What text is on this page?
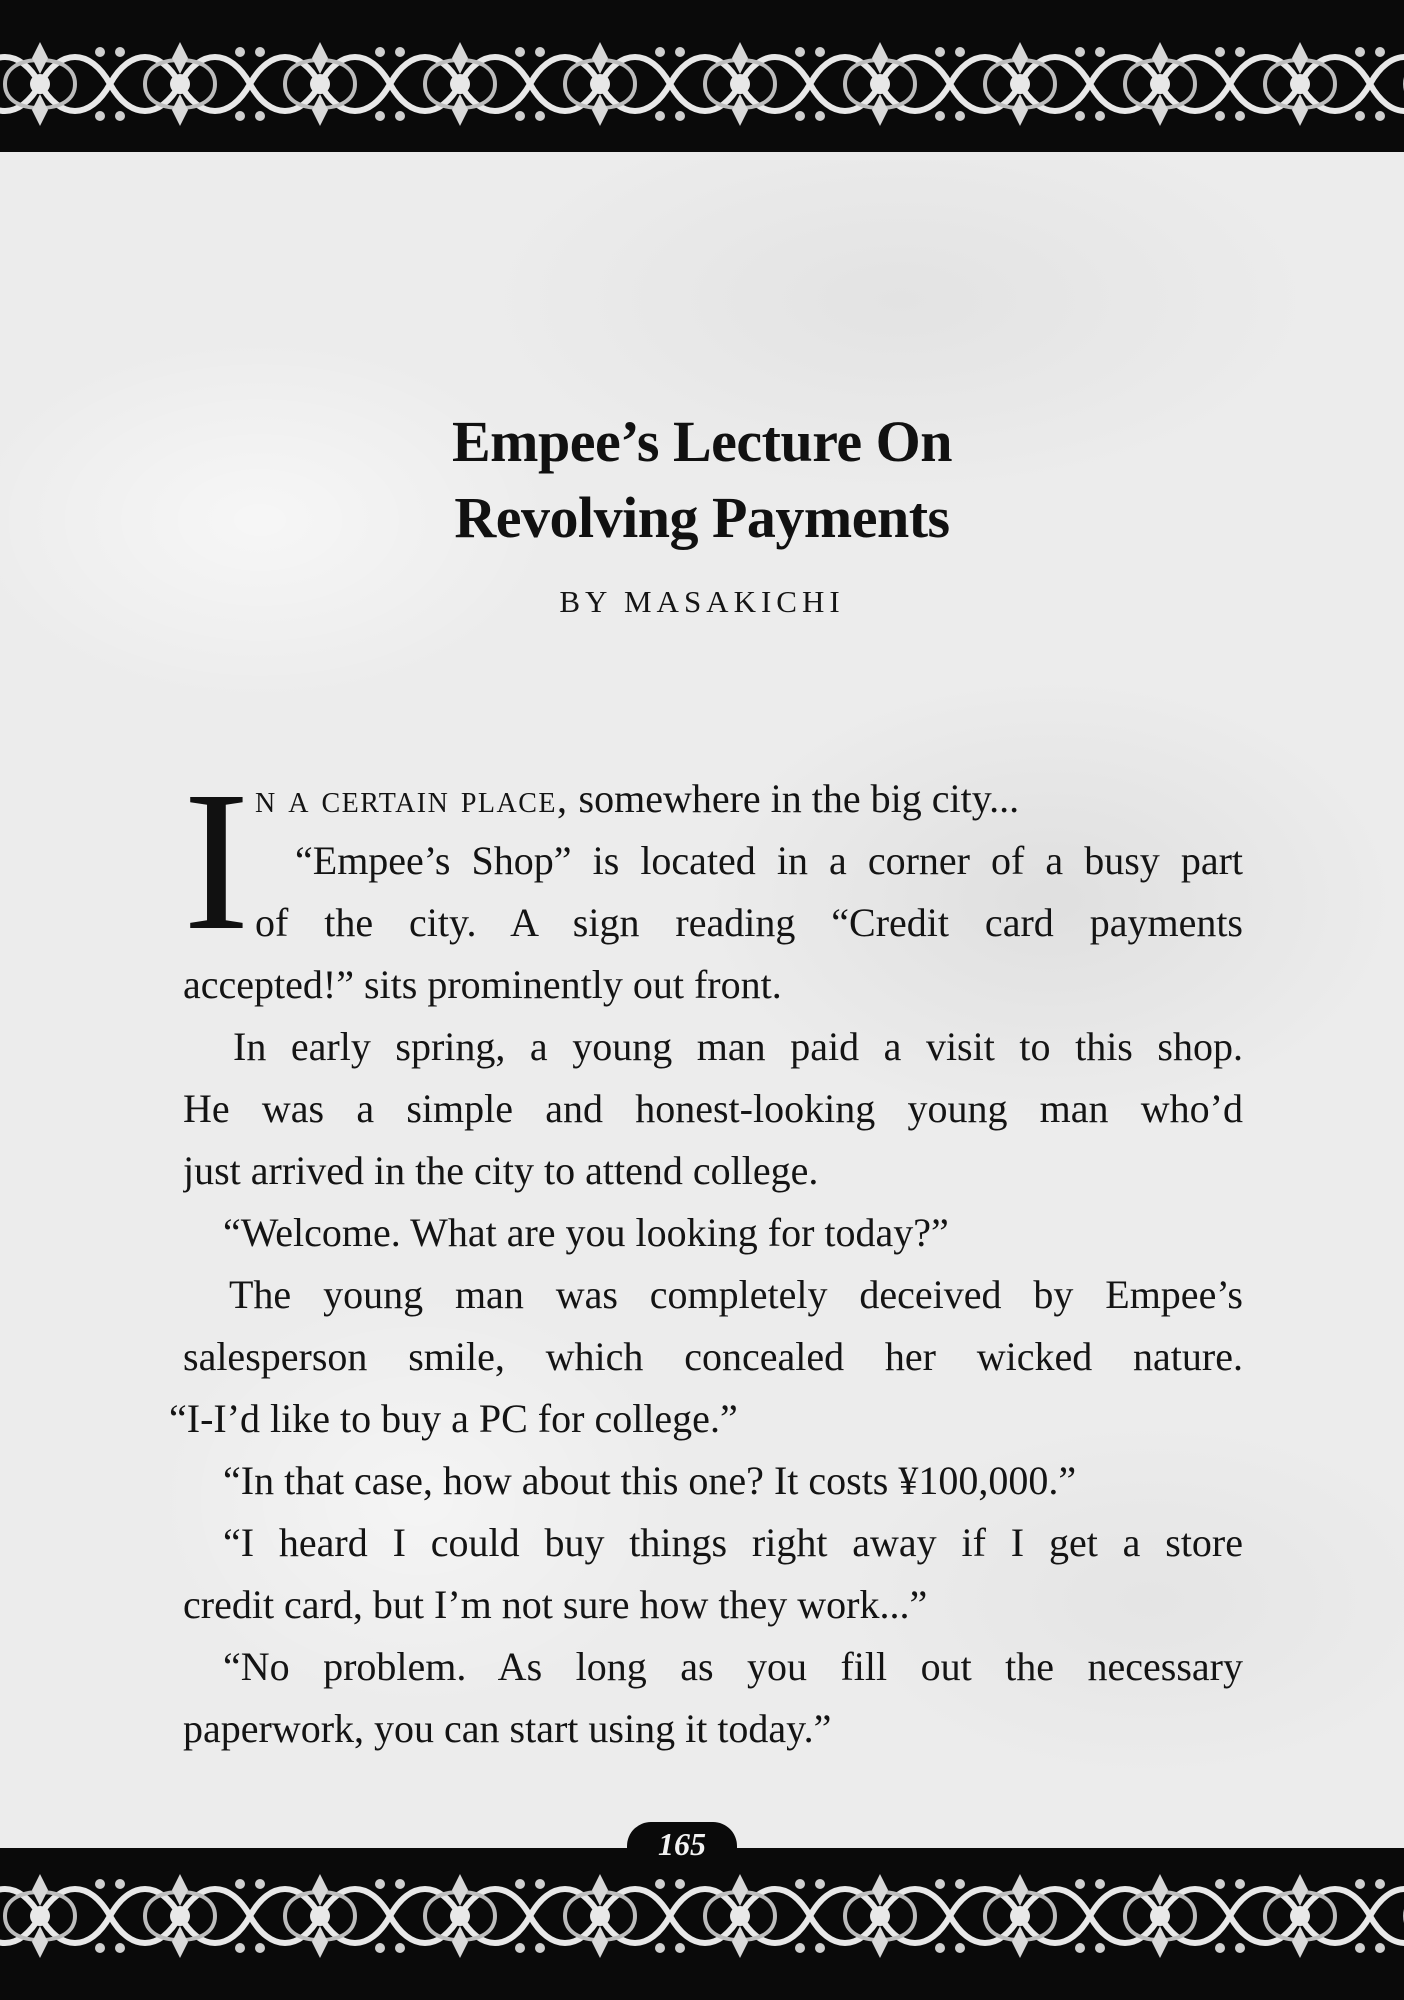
Empee’s Lecture On
Revolving Payments
BY MASAKICHI
I n a certain place, somewhere in the big city...
“Empee’s Shop” is located in a corner of a busy part
of the city. A sign reading “Credit card payments
accepted!” sits prominently out front.
In early spring, a young man paid a visit to this shop.
He was a simple and honest-looking young man who’d
just arrived in the city to attend college.
“Welcome. What are you looking for today?”
The young man was completely deceived by Empee’s
salesperson smile, which concealed her wicked nature.
“I-I’d like to buy a PC for college.”
“In that case, how about this one? It costs ¥100,000.”
“I heard I could buy things right away if I get a store
credit card, but I’m not sure how they work...”
“No problem. As long as you fill out the necessary
paperwork, you can start using it today.”
165
